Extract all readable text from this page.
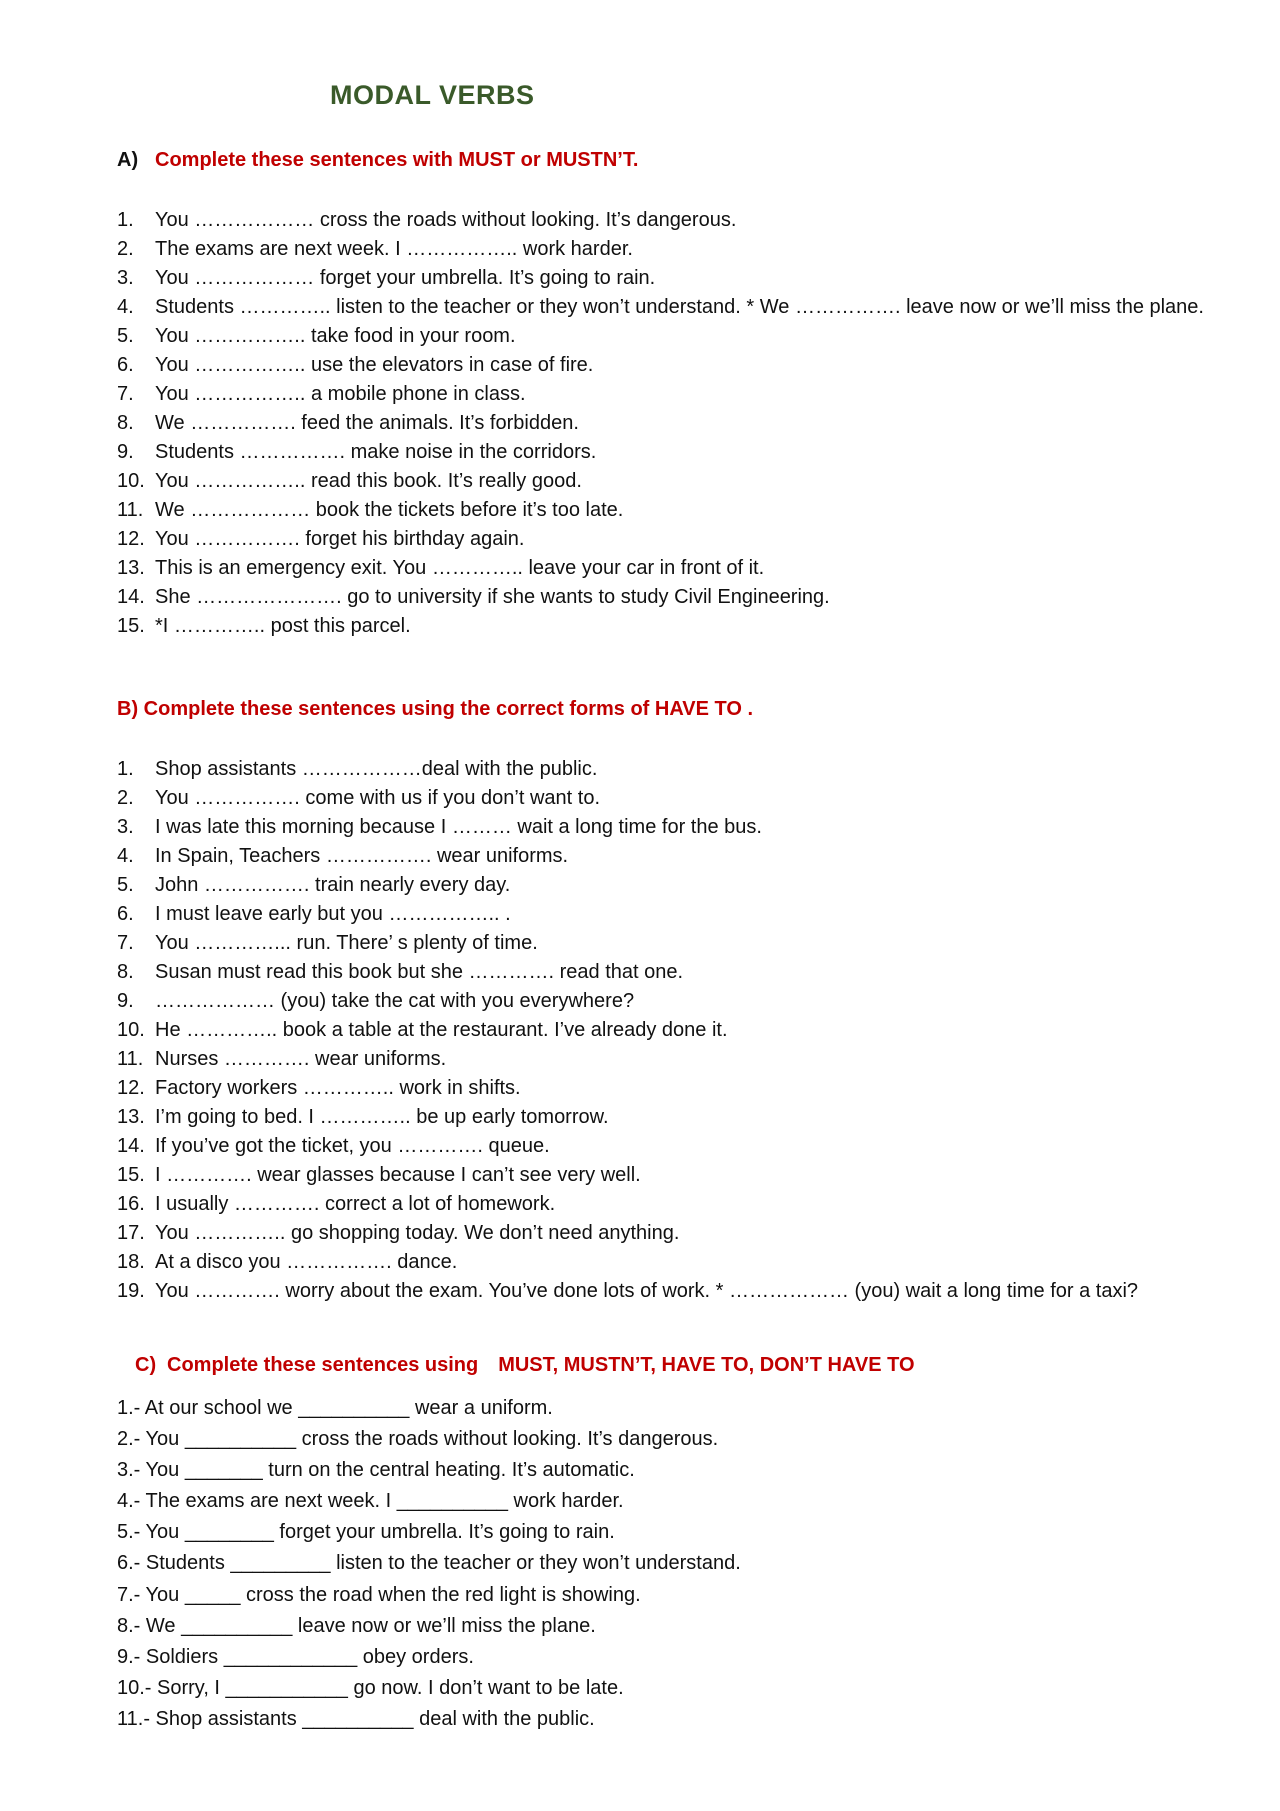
MODAL VERBS
A) Complete these sentences with MUST or MUSTN’T.
1.	You ……………… cross the roads without looking. It’s dangerous.
2.	The exams are next week. I …………….. work harder.
3.	You ……………… forget your umbrella. It’s going to rain.
4.	Students ………….. listen to the teacher or they won’t understand. * We ……………. leave now or we’ll miss the plane.
5.	You …………….. take food in your room.
6.	You …………….. use the elevators in case of fire.
7.	You …………….. a mobile phone in class.
8.	We ……………. feed the animals. It’s forbidden.
9.	Students ……………. make noise in the corridors.
10. You …………….. read this book. It’s really good.
11. We ……………… book the tickets before it’s too late.
12. You ……………. forget his birthday again.
13. This is an emergency exit. You ………….. leave your car in front of it.
14. She …………………. go to university if she wants to study Civil Engineering.
15. *I ………….. post this parcel.
B) Complete these sentences using the correct forms of HAVE TO .
1.	Shop assistants ………………deal with the public.
2.	You ……………. come with us if you don’t want to.
3.	I was late this morning because I ……… wait a long time for the bus.
4.	In Spain, Teachers ……………. wear uniforms.
5.	John ……………. train nearly every day.
6.	I must leave early but you …………….. .
7.	You …………... run. There’ s plenty of time.
8.	Susan must read this book but she …………. read that one.
9.	……………… (you) take the cat with you everywhere?
10. He ………….. book a table at the restaurant. I’ve already done it.
11. Nurses …………. wear uniforms.
12. Factory workers ………….. work in shifts.
13. I’m going to bed. I ………….. be up early tomorrow.
14. If you’ve got the ticket, you …………. queue.
15. I …………. wear glasses because I can’t see very well.
16. I usually …………. correct a lot of homework.
17. You ………….. go shopping today. We don’t need anything.
18. At a disco you ……………. dance.
19. You …………. worry about the exam. You’ve done lots of work. * ……………… (you) wait a long time for a taxi?
C) Complete these sentences using MUST, MUSTN’T, HAVE TO, DON’T HAVE TO
1.- At our school we __________ wear a uniform.
2.- You __________ cross the roads without looking. It’s dangerous.
3.- You _______ turn on the central heating. It’s automatic.
4.- The exams are next week. I __________ work harder.
5.- You ________ forget your umbrella. It’s going to rain.
6.- Students _________ listen to the teacher or they won’t understand.
7.- You _____ cross the road when the red light is showing.
8.- We __________ leave now or we’ll miss the plane.
9.- Soldiers ____________ obey orders.
10.- Sorry, I ___________ go now. I don’t want to be late.
11.- Shop assistants __________ deal with the public.
